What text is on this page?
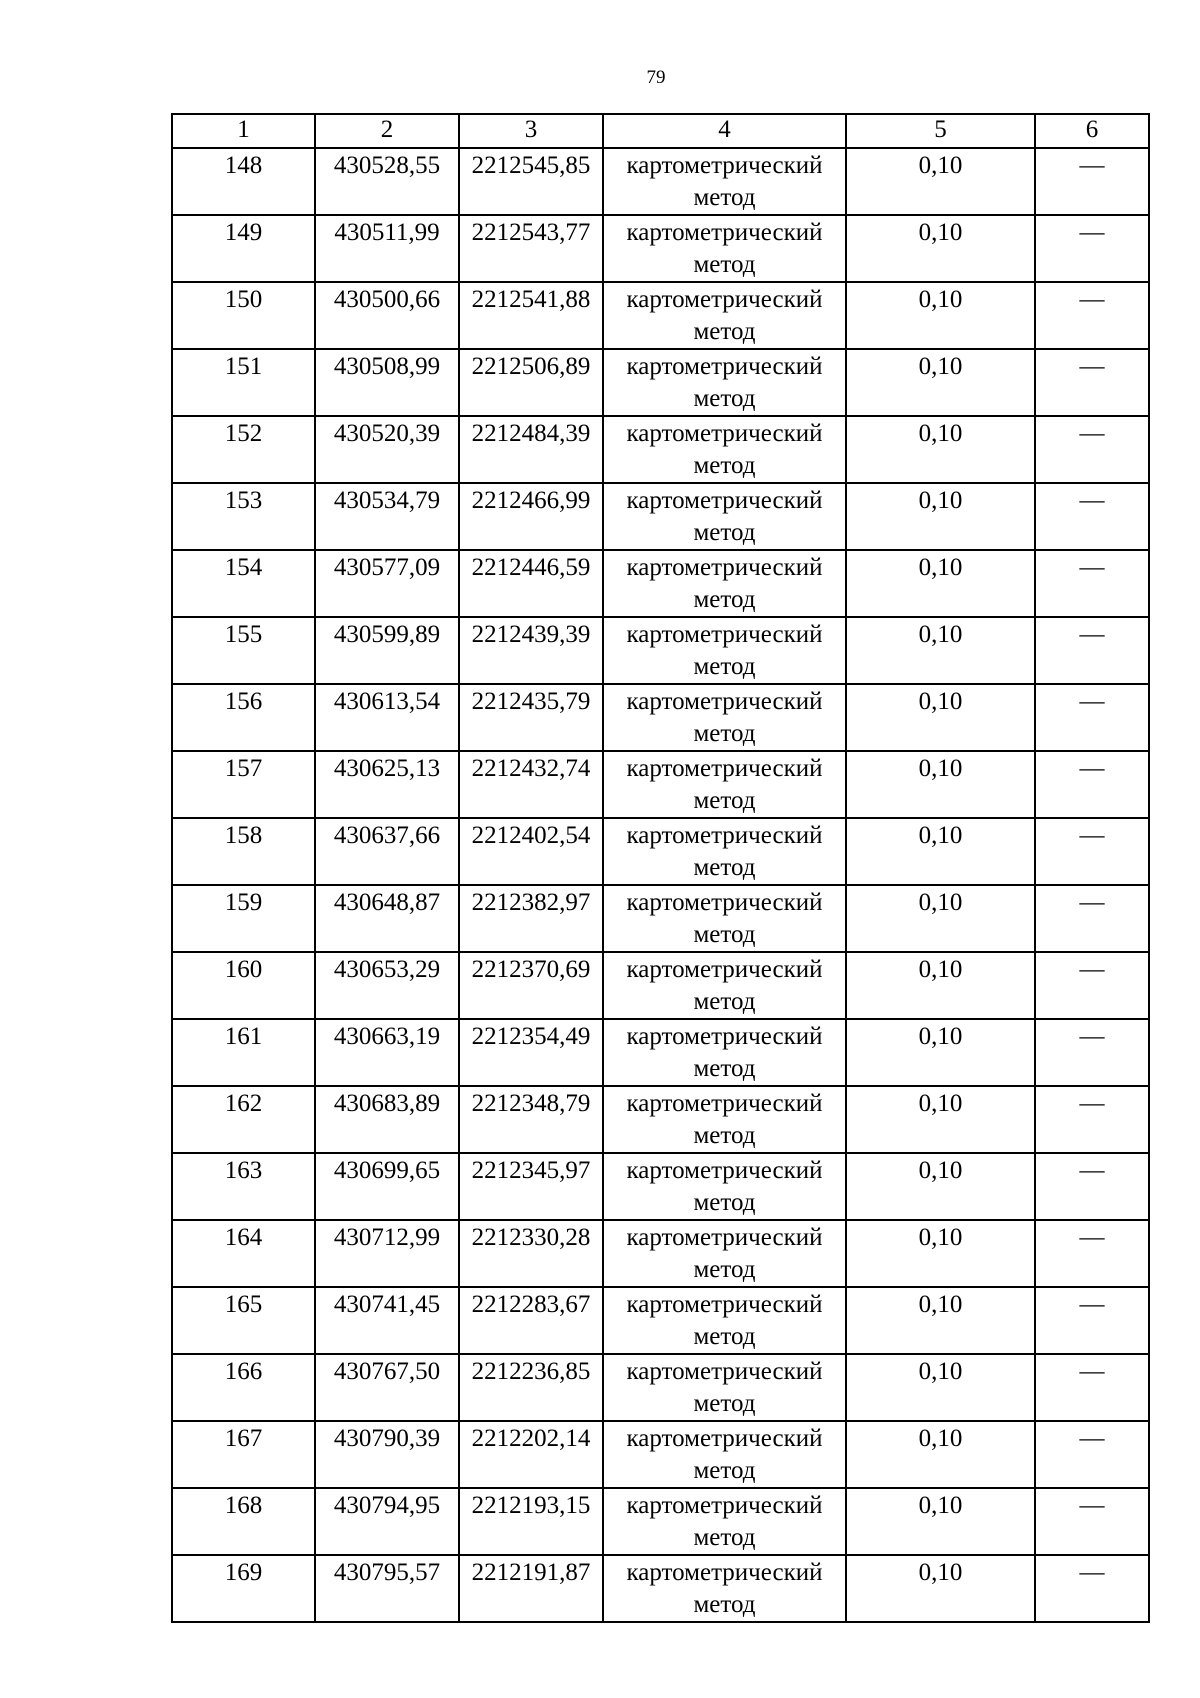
79
1	2	3	4	5	6
148	430528,55	2212545,85	картометрический метод	0,10	—
149	430511,99	2212543,77	картометрический метод	0,10	—
150	430500,66	2212541,88	картометрический метод	0,10	—
151	430508,99	2212506,89	картометрический метод	0,10	—
152	430520,39	2212484,39	картометрический метод	0,10	—
153	430534,79	2212466,99	картометрический метод	0,10	—
154	430577,09	2212446,59	картометрический метод	0,10	—
155	430599,89	2212439,39	картометрический метод	0,10	—
156	430613,54	2212435,79	картометрический метод	0,10	—
157	430625,13	2212432,74	картометрический метод	0,10	—
158	430637,66	2212402,54	картометрический метод	0,10	—
159	430648,87	2212382,97	картометрический метод	0,10	—
160	430653,29	2212370,69	картометрический метод	0,10	—
161	430663,19	2212354,49	картометрический метод	0,10	—
162	430683,89	2212348,79	картометрический метод	0,10	—
163	430699,65	2212345,97	картометрический метод	0,10	—
164	430712,99	2212330,28	картометрический метод	0,10	—
165	430741,45	2212283,67	картометрический метод	0,10	—
166	430767,50	2212236,85	картометрический метод	0,10	—
167	430790,39	2212202,14	картометрический метод	0,10	—
168	430794,95	2212193,15	картометрический метод	0,10	—
169	430795,57	2212191,87	картометрический метод	0,10	—
